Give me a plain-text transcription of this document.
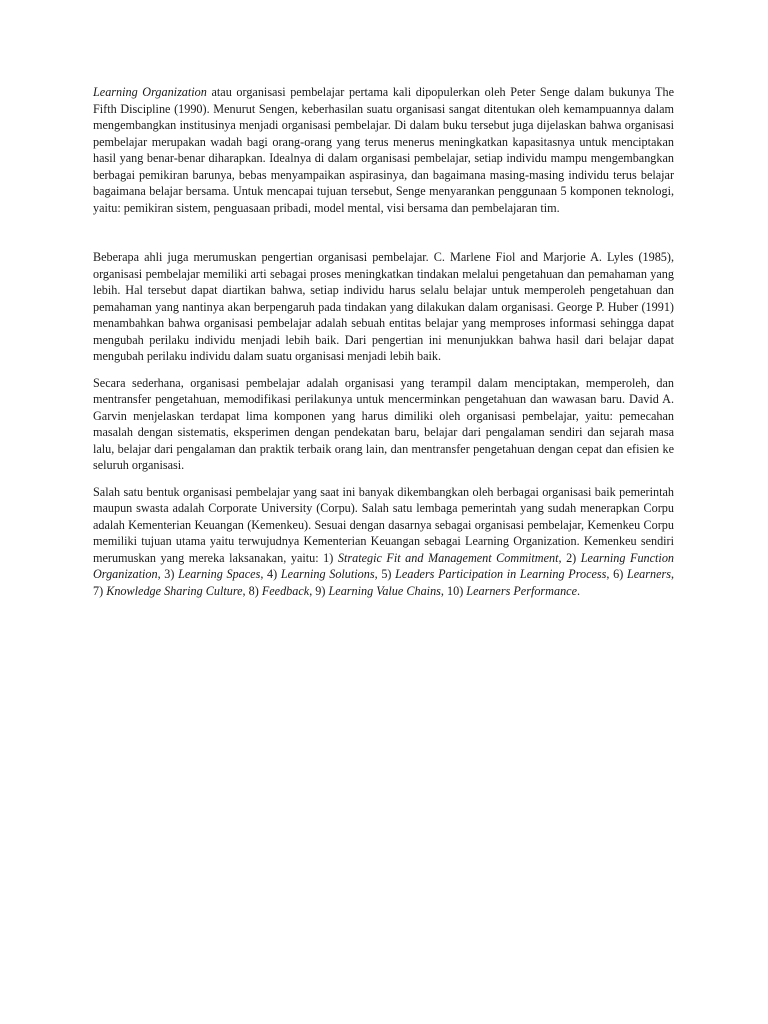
Learning Organization atau organisasi pembelajar pertama kali dipopulerkan oleh Peter Senge dalam bukunya The Fifth Discipline (1990). Menurut Sengen, keberhasilan suatu organisasi sangat ditentukan oleh kemampuannya dalam mengembangkan institusinya menjadi organisasi pembelajar. Di dalam buku tersebut juga dijelaskan bahwa organisasi pembelajar merupakan wadah bagi orang-orang yang terus menerus meningkatkan kapasitasnya untuk menciptakan hasil yang benar-benar diharapkan. Idealnya di dalam organisasi pembelajar, setiap individu mampu mengembangkan berbagai pemikiran barunya, bebas menyampaikan aspirasinya, dan bagaimana masing-masing individu terus belajar bagaimana belajar bersama. Untuk mencapai tujuan tersebut, Senge menyarankan penggunaan 5 komponen teknologi, yaitu: pemikiran sistem, penguasaan pribadi, model mental, visi bersama dan pembelajaran tim.

Beberapa ahli juga merumuskan pengertian organisasi pembelajar. C. Marlene Fiol and Marjorie A. Lyles (1985), organisasi pembelajar memiliki arti sebagai proses meningkatkan tindakan melalui pengetahuan dan pemahaman yang lebih. Hal tersebut dapat diartikan bahwa, setiap individu harus selalu belajar untuk memperoleh pengetahuan dan pemahaman yang nantinya akan berpengaruh pada tindakan yang dilakukan dalam organisasi. George P. Huber (1991) menambahkan bahwa organisasi pembelajar adalah sebuah entitas belajar yang memproses informasi sehingga dapat mengubah perilaku individu menjadi lebih baik. Dari pengertian ini menunjukkan bahwa hasil dari belajar dapat mengubah perilaku individu dalam suatu organisasi menjadi lebih baik.

Secara sederhana, organisasi pembelajar adalah organisasi yang terampil dalam menciptakan, memperoleh, dan mentransfer pengetahuan, memodifikasi perilakunya untuk mencerminkan pengetahuan dan wawasan baru. David A. Garvin menjelaskan terdapat lima komponen yang harus dimiliki oleh organisasi pembelajar, yaitu: pemecahan masalah dengan sistematis, eksperimen dengan pendekatan baru, belajar dari pengalaman sendiri dan sejarah masa lalu, belajar dari pengalaman dan praktik terbaik orang lain, dan mentransfer pengetahuan dengan cepat dan efisien ke seluruh organisasi.

Salah satu bentuk organisasi pembelajar yang saat ini banyak dikembangkan oleh berbagai organisasi baik pemerintah maupun swasta adalah Corporate University (Corpu). Salah satu lembaga pemerintah yang sudah menerapkan Corpu adalah Kementerian Keuangan (Kemenkeu). Sesuai dengan dasarnya sebagai organisasi pembelajar, Kemenkeu Corpu memiliki tujuan utama yaitu terwujudnya Kementerian Keuangan sebagai Learning Organization. Kemenkeu sendiri merumuskan yang mereka laksanakan, yaitu: 1) Strategic Fit and Management Commitment, 2) Learning Function Organization, 3) Learning Spaces, 4) Learning Solutions, 5) Leaders Participation in Learning Process, 6) Learners, 7) Knowledge Sharing Culture, 8) Feedback, 9) Learning Value Chains, 10) Learners Performance.
